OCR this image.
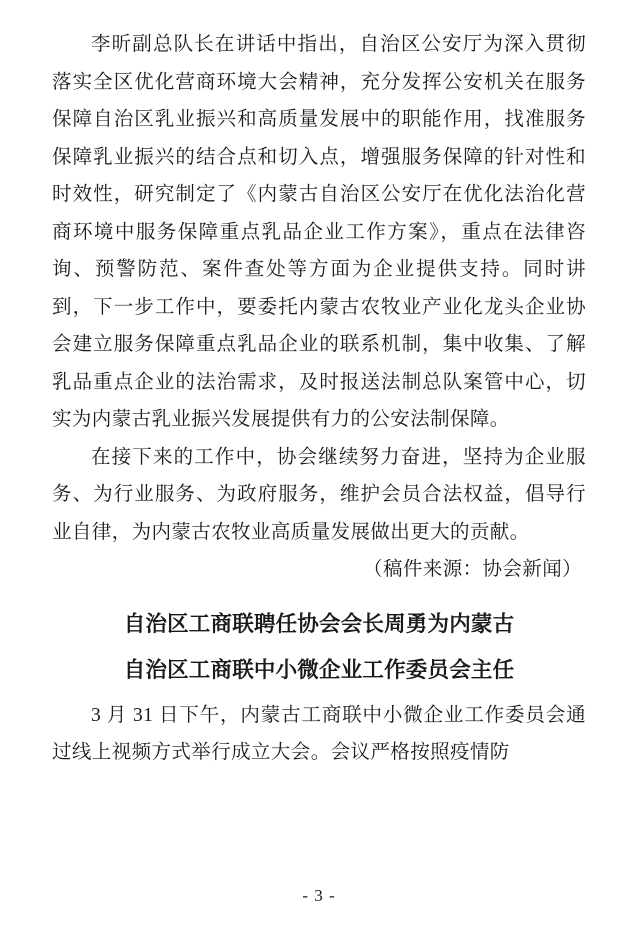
李昕副总队长在讲话中指出，自治区公安厅为深入贯彻落实全区优化营商环境大会精神，充分发挥公安机关在服务保障自治区乳业振兴和高质量发展中的职能作用，找准服务保障乳业振兴的结合点和切入点，增强服务保障的针对性和时效性，研究制定了《内蒙古自治区公安厅在优化法治化营商环境中服务保障重点乳品企业工作方案》，重点在法律咨询、预警防范、案件查处等方面为企业提供支持。同时讲到，下一步工作中，要委托内蒙古农牧业产业化龙头企业协会建立服务保障重点乳品企业的联系机制，集中收集、了解乳品重点企业的法治需求，及时报送法制总队案管中心，切实为内蒙古乳业振兴发展提供有力的公安法制保障。

在接下来的工作中，协会继续努力奋进，坚持为企业服务、为行业服务、为政府服务，维护会员合法权益，倡导行业自律，为内蒙古农牧业高质量发展做出更大的贡献。

（稿件来源：协会新闻）

自治区工商联聘任协会会长周勇为内蒙古

自治区工商联中小微企业工作委员会主任

3 月 31 日下午，内蒙古工商联中小微企业工作委员会通过线上视频方式举行成立大会。会议严格按照疫情防

- 3 -
